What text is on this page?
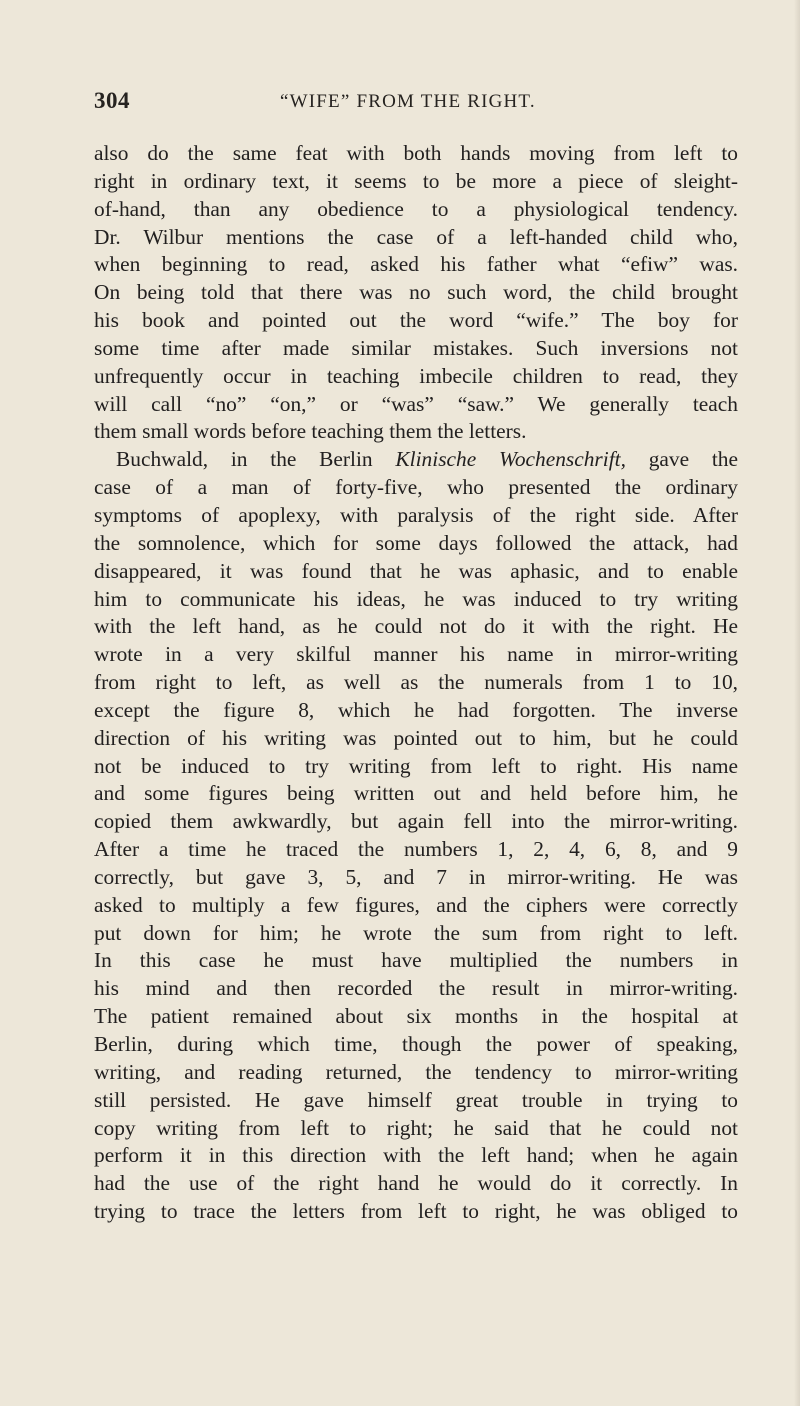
304	“WIFE” FROM THE RIGHT.
also do the same feat with both hands moving from left to
right in ordinary text, it seems to be more a piece of sleight-
of-hand, than any obedience to a physiological tendency.
Dr. Wilbur mentions the case of a left-handed child who,
when beginning to read, asked his father what “efiw” was.
On being told that there was no such word, the child brought
his book and pointed out the word “wife.” The boy for
some time after made similar mistakes. Such inversions not
unfrequently occur in teaching imbecile children to read, they
will call “no” “on,” or “was” “saw.” We generally teach
them small words before teaching them the letters.
Buchwald, in the Berlin Klinische Wochenschrift, gave the
case of a man of forty-five, who presented the ordinary
symptoms of apoplexy, with paralysis of the right side. After
the somnolence, which for some days followed the attack, had
disappeared, it was found that he was aphasic, and to enable
him to communicate his ideas, he was induced to try writing
with the left hand, as he could not do it with the right. He
wrote in a very skilful manner his name in mirror-writing
from right to left, as well as the numerals from 1 to 10,
except the figure 8, which he had forgotten. The inverse
direction of his writing was pointed out to him, but he could
not be induced to try writing from left to right. His name
and some figures being written out and held before him, he
copied them awkwardly, but again fell into the mirror-writing.
After a time he traced the numbers 1, 2, 4, 6, 8, and 9
correctly, but gave 3, 5, and 7 in mirror-writing. He was
asked to multiply a few figures, and the ciphers were correctly
put down for him; he wrote the sum from right to left.
In this case he must have multiplied the numbers in
his mind and then recorded the result in mirror-writing.
The patient remained about six months in the hospital at
Berlin, during which time, though the power of speaking,
writing, and reading returned, the tendency to mirror-writing
still persisted. He gave himself great trouble in trying to
copy writing from left to right; he said that he could not
perform it in this direction with the left hand; when he again
had the use of the right hand he would do it correctly. In
trying to trace the letters from left to right, he was obliged to
